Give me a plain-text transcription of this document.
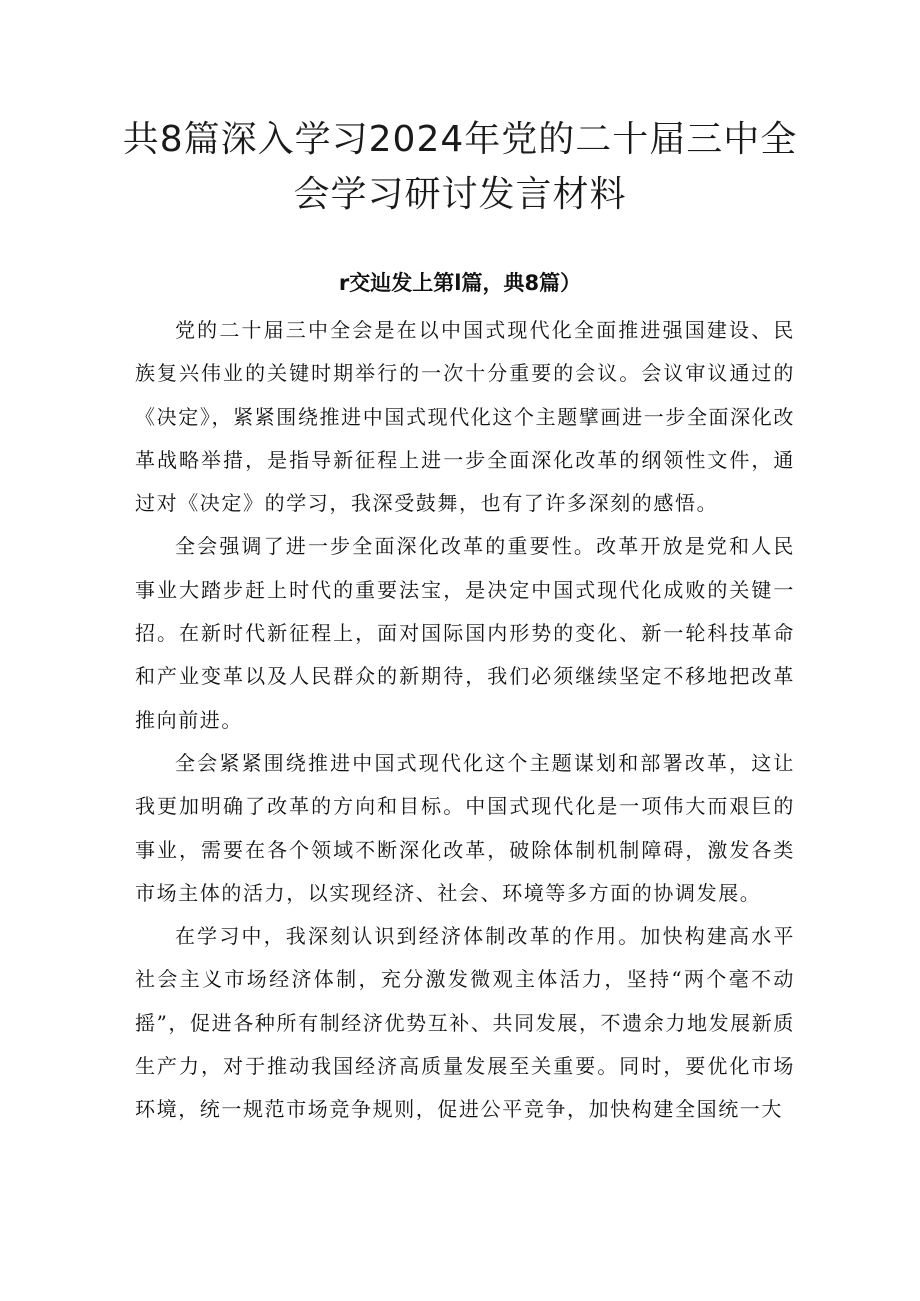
共8篇深入学习2024年党的二十届三中全
会学习研讨发言材料
r交辿发上第l篇，典8篇）

党的二十届三中全会是在以中国式现代化全面推进强国建设、民族复兴伟业的关键时期举行的一次十分重要的会议。会议审议通过的《决定》，紧紧围绕推进中国式现代化这个主题擘画进一步全面深化改革战略举措，是指导新征程上进一步全面深化改革的纲领性文件，通过对《决定》的学习，我深受鼓舞，也有了许多深刻的感悟。

全会强调了进一步全面深化改革的重要性。改革开放是党和人民事业大踏步赶上时代的重要法宝，是决定中国式现代化成败的关键一招。在新时代新征程上，面对国际国内形势的变化、新一轮科技革命和产业变革以及人民群众的新期待，我们必须继续坚定不移地把改革推向前进。

全会紧紧围绕推进中国式现代化这个主题谋划和部署改革，这让我更加明确了改革的方向和目标。中国式现代化是一项伟大而艰巨的事业，需要在各个领域不断深化改革，破除体制机制障碍，激发各类市场主体的活力，以实现经济、社会、环境等多方面的协调发展。

在学习中，我深刻认识到经济体制改革的作用。加快构建高水平社会主义市场经济体制，充分激发微观主体活力，坚持“两个毫不动摇”，促进各种所有制经济优势互补、共同发展，不遗余力地发展新质生产力，对于推动我国经济高质量发展至关重要。同时，要优化市场环境，统一规范市场竞争规则，促进公平竞争，加快构建全国统一大
